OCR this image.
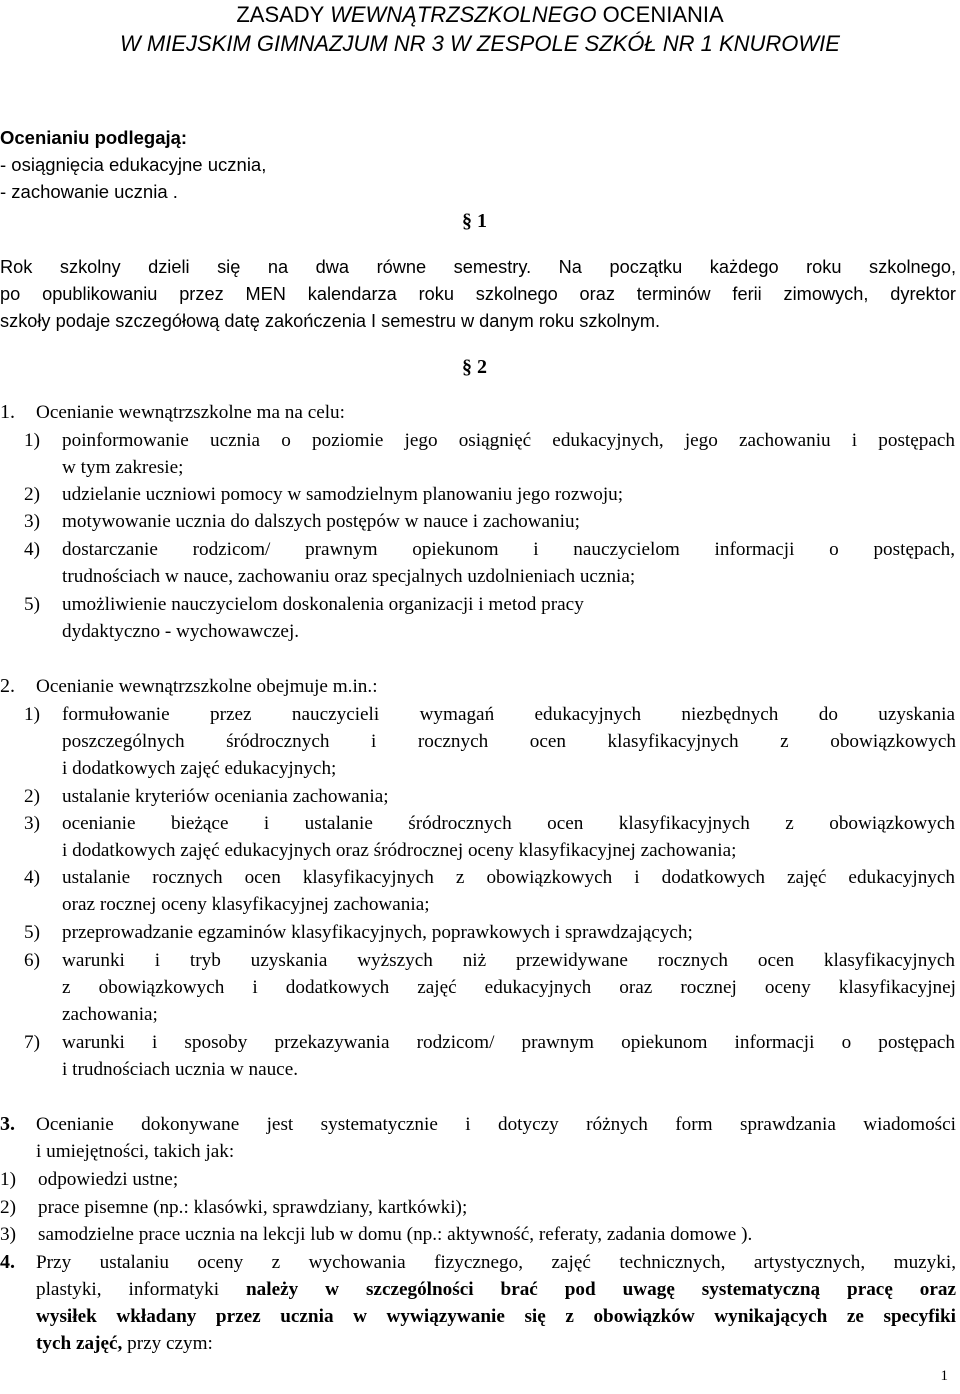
ZASADY WEWNĄTRZSZKOLNEGO OCENIANIA
W MIEJSKIM GIMNAZJUM NR 3 W ZESPOLE SZKÓŁ NR 1 KNUROWIE
Ocenianiu podlegają:
- osiągnięcia edukacyjne ucznia,
- zachowanie ucznia .
§ 1
Rok szkolny dzieli się na dwa równe semestry. Na początku każdego roku szkolnego,
po opublikowaniu przez MEN kalendarza roku szkolnego oraz terminów ferii zimowych, dyrektor
szkoły podaje szczegółową datę zakończenia I semestru w danym roku szkolnym.
§ 2
1. Ocenianie wewnątrzszkolne ma na celu:
1) poinformowanie ucznia o poziomie jego osiągnięć edukacyjnych, jego zachowaniu i postępach
w tym zakresie;
2) udzielanie uczniowi pomocy w samodzielnym planowaniu jego rozwoju;
3) motywowanie ucznia do dalszych postępów w nauce i zachowaniu;
4) dostarczanie rodzicom/ prawnym opiekunom i nauczycielom informacji o postępach,
trudnościach w nauce, zachowaniu oraz specjalnych uzdolnieniach ucznia;
5) umożliwienie nauczycielom doskonalenia organizacji i metod pracy
dydaktyczno - wychowawczej.
2. Ocenianie wewnątrzszkolne obejmuje m.in.:
1) formułowanie przez nauczycieli wymagań edukacyjnych niezbędnych do uzyskania
poszczególnych śródrocznych i rocznych ocen klasyfikacyjnych z obowiązkowych
i dodatkowych zajęć edukacyjnych;
2) ustalanie kryteriów oceniania zachowania;
3) ocenianie bieżące i ustalanie śródrocznych ocen klasyfikacyjnych z obowiązkowych
i dodatkowych zajęć edukacyjnych oraz śródrocznej oceny klasyfikacyjnej zachowania;
4) ustalanie rocznych ocen klasyfikacyjnych z obowiązkowych i dodatkowych zajęć edukacyjnych
oraz rocznej oceny klasyfikacyjnej zachowania;
5) przeprowadzanie egzaminów klasyfikacyjnych, poprawkowych i sprawdzających;
6) warunki i tryb uzyskania wyższych niż przewidywane rocznych ocen klasyfikacyjnych
z obowiązkowych i dodatkowych zajęć edukacyjnych oraz rocznej oceny klasyfikacyjnej
zachowania;
7) warunki i sposoby przekazywania rodzicom/ prawnym opiekunom informacji o postępach
i trudnościach ucznia w nauce.
3. Ocenianie dokonywane jest systematycznie i dotyczy różnych form sprawdzania wiadomości
i umiejętności, takich jak:
1) odpowiedzi ustne;
2) prace pisemne (np.: klasówki, sprawdziany, kartkówki);
3) samodzielne prace ucznia na lekcji lub w domu (np.: aktywność, referaty, zadania domowe ).
4. Przy ustalaniu oceny z wychowania fizycznego, zajęć technicznych, artystycznych, muzyki,
plastyki, informatyki należy w szczególności brać pod uwagę systematyczną pracę oraz
wysiłek wkładany przez ucznia w wywiązywanie się z obowiązków wynikających ze specyfiki
tych zajęć, przy czym:
1
